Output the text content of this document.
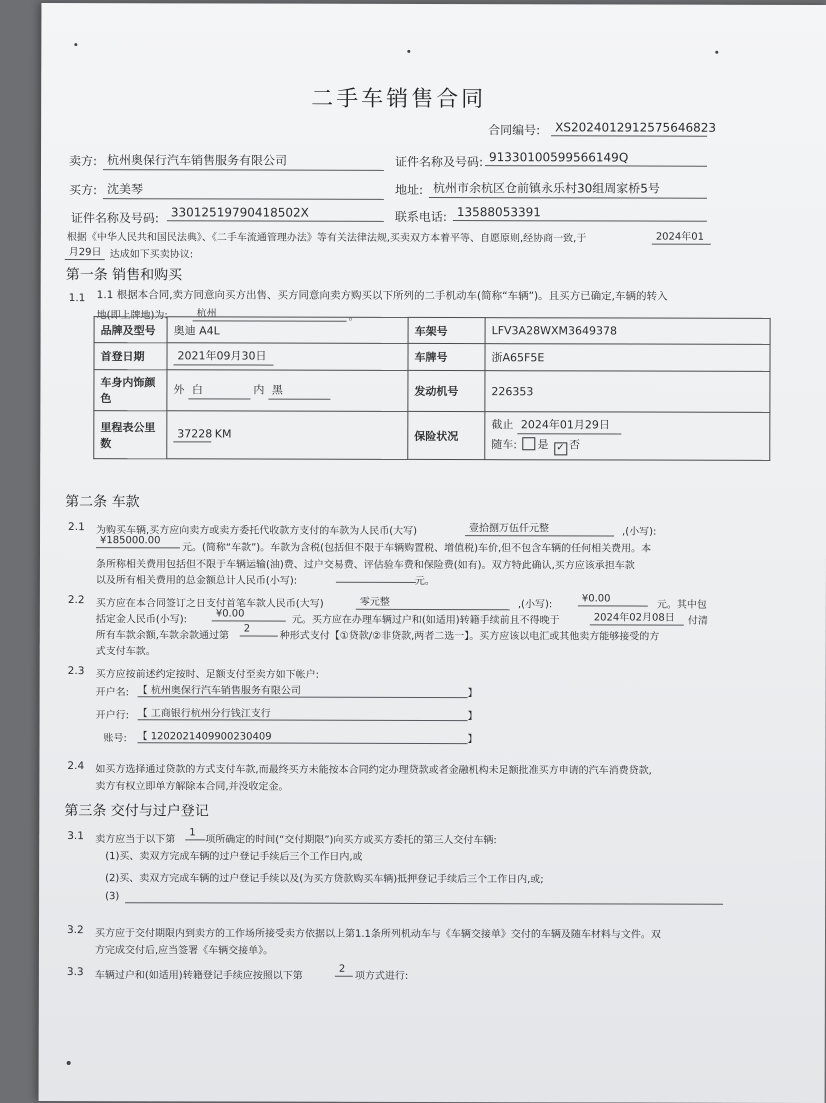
二手车销售合同
合同编号:	XS20240129125756468​23
卖方: 杭州奥保行汽车销售服务有限公司	证件名称及号码: 91330100599566149Q
买方: 沈美琴	地址: 杭州市余杭区仓前镇永乐村30组周家桥5号
证件名称及号码: 33012519790418502X	联系电话: 13588053391
根据《中华人民共和国民法典》、《二手车流通管理办法》等有关法律法规,买卖双方本着平等、自愿原则,经协商一致,于	2024年01
月29日 达成如下买卖协议:
第一条 销售和购买
1.1 1.1 根据本合同,卖方同意向买方出售、买方同意向卖方购买以下所列的二手机动车(简称“车辆”)。且买方已确定,车辆的转入
地(即上牌地)为:	杭州	。
品牌及型号	奥迪 A4L	车架号	LFV3A28WXM3649378
首登日期	2021年09月30日	车牌号	浙A65F5E
车身内饰颜色	外 白 内 黑	发动机号	226353
里程表公里数	37228 KM	保险状况	截止 2024年01月29日
随车: 是 ✓ 否
第二条 车款
2.1 为购买车辆,买方应向卖方或卖方委托代收款方支付的车款为人民币(大写)	壹拾捌万伍仟元整	,(小写):
¥185000.00
元。(简称“车款”)。车款为含税(包括但不限于车辆购置税、增值税)车价,但不包含车辆的任何相关费用。本
条所称相关费用包括但不限于车辆运输(油)费、过户交易费、评估验车费和保险费(如有)。双方特此确认,买方应该承担车款
以及所有相关费用的总金额总计人民币(小写):
	元。
2.2 买方应在本合同签订之日支付首笔车款人民币(大写)	零元整	,(小写):
¥0.00
元。其中包
括定金人民币(小写):
¥0.00
元。买方应在办理车辆过户和(如适用)转籍手续前且不得晚于	2024年02月08日	付清
所有车款余额,车款余款通过第
2
种形式支付【①贷款/②非贷款,两者二选一】。买方应该以电汇或其他卖方能够接受的方
式支付车款。
2.3 买方应按前述约定按时、足额支付至卖方如下帐户:
开户名: 【 杭州奥保行汽车销售服务有限公司	】
开户行: 【 工商银行杭州分行钱江支行	】
账号: 【 1202021409900230409	】
2.4 如买方选择通过贷款的方式支付车款,而最终买方未能按本合同约定办理贷款或者金融机构未足额批准买方申请的汽车消费贷款,
卖方有权立即单方解除本合同,并没收定金。
第三条 交付与过户登记
3.1 卖方应当于以下第
1
项所确定的时间(“交付期限”)向买方或买方委托的第三人交付车辆:
(1)买、卖双方完成车辆的过户登记手续后三个工作日内,或
(2)买、卖双方完成车辆的过户登记手续以及(为买方贷款购买车辆)抵押登记手续后三个工作日内,或;
(3)
3.2 买方应于交付期限内到卖方的工作场所接受卖方依据以上第1.1条所列机动车与《车辆交接单》交付的车辆及随车材料与文件。双
方完成交付后,应当签署《车辆交接单》。
3.3 车辆过户和(如适用)转籍登记手续应按照以下第
2
项方式进行:
